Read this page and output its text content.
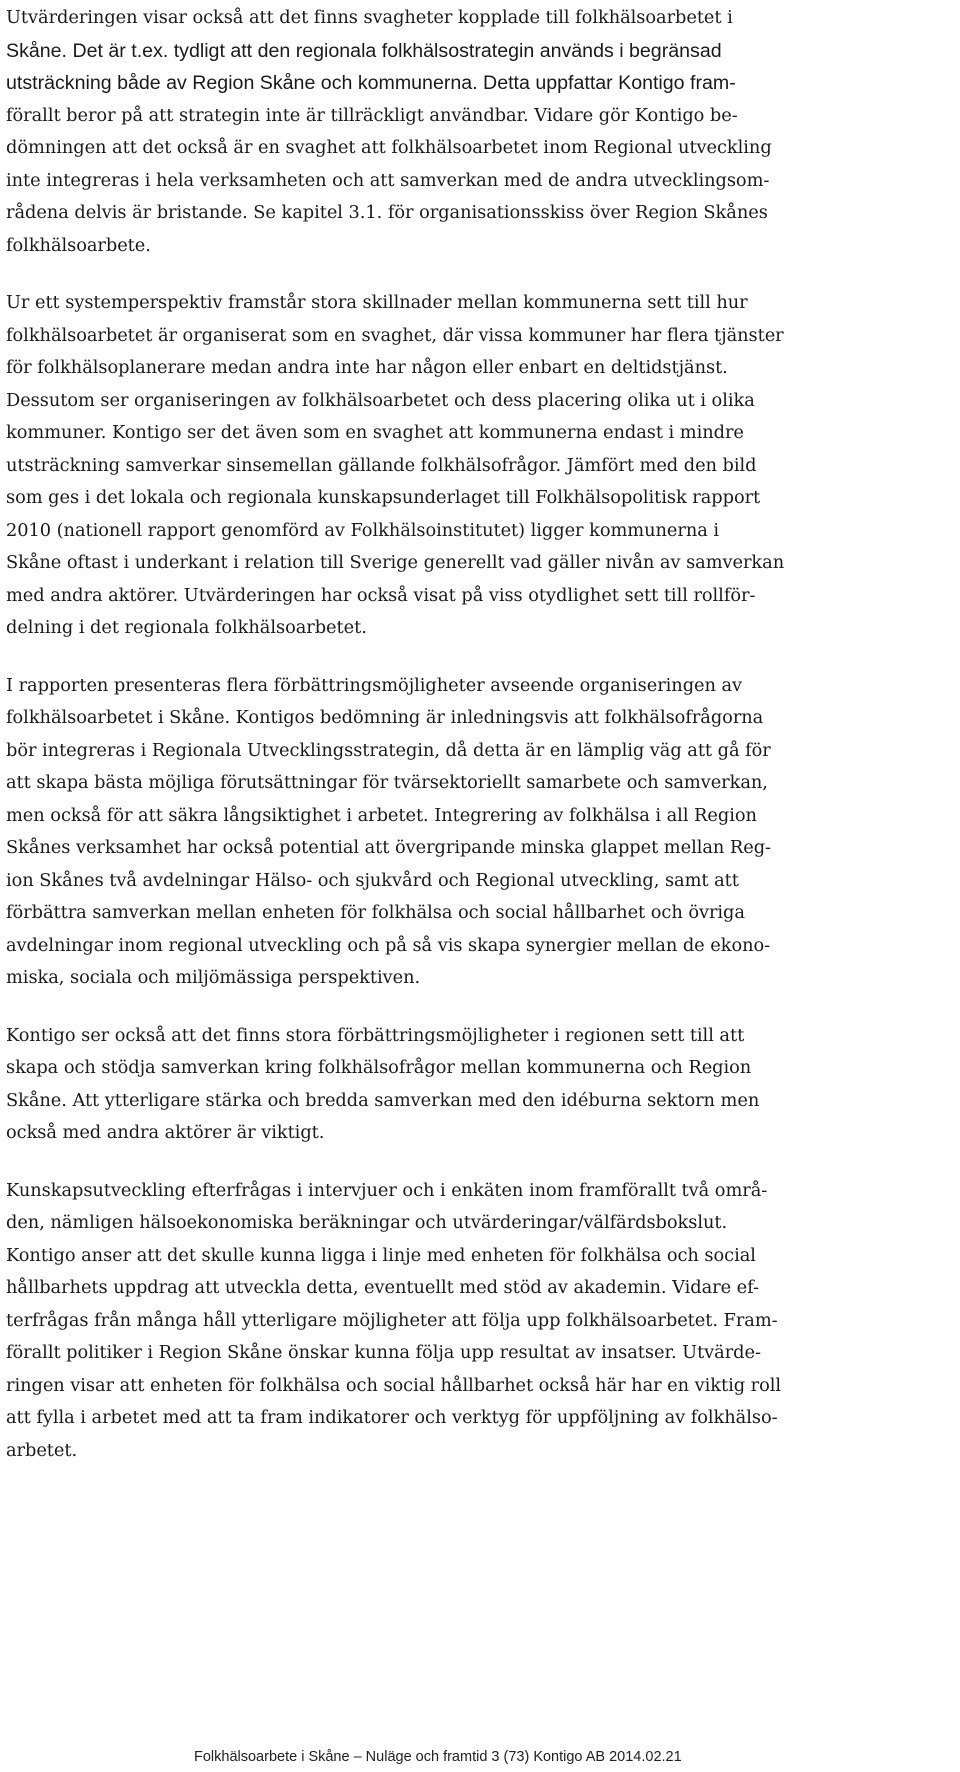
Utvärderingen visar också att det finns svagheter kopplade till folkhälsoarbetet i
Skåne. Det är t.ex. tydligt att den regionala folkhälsostrategin används i begränsad
utsträckning både av Region Skåne och kommunerna. Detta uppfattar Kontigo fram-
förallt beror på att strategin inte är tillräckligt användbar. Vidare gör Kontigo be-
dömningen att det också är en svaghet att folkhälsoarbetet inom Regional utveckling
inte integreras i hela verksamheten och att samverkan med de andra utvecklingsom-
rådena delvis är bristande. Se kapitel 3.1. för organisationsskiss över Region Skånes
folkhälsoarbete.

Ur ett systemperspektiv framstår stora skillnader mellan kommunerna sett till hur
folkhälsoarbetet är organiserat som en svaghet, där vissa kommuner har flera tjänster
för folkhälsoplanerare medan andra inte har någon eller enbart en deltidstjänst.
Dessutom ser organiseringen av folkhälsoarbetet och dess placering olika ut i olika
kommuner. Kontigo ser det även som en svaghet att kommunerna endast i mindre
utsträckning samverkar sinsemellan gällande folkhälsofrågor. Jämfört med den bild
som ges i det lokala och regionala kunskapsunderlaget till Folkhälsopolitisk rapport
2010 (nationell rapport genomförd av Folkhälsoinstitutet) ligger kommunerna i
Skåne oftast i underkant i relation till Sverige generellt vad gäller nivån av samverkan
med andra aktörer. Utvärderingen har också visat på viss otydlighet sett till rollför-
delning i det regionala folkhälsoarbetet.

I rapporten presenteras flera förbättringsmöjligheter avseende organiseringen av
folkhälsoarbetet i Skåne. Kontigos bedömning är inledningsvis att folkhälsofrågorna
bör integreras i Regionala Utvecklingsstrategin, då detta är en lämplig väg att gå för
att skapa bästa möjliga förutsättningar för tvärsektoriellt samarbete och samverkan,
men också för att säkra långsiktighet i arbetet. Integrering av folkhälsa i all Region
Skånes verksamhet har också potential att övergripande minska glappet mellan Reg-
ion Skånes två avdelningar Hälso- och sjukvård och Regional utveckling, samt att
förbättra samverkan mellan enheten för folkhälsa och social hållbarhet och övriga
avdelningar inom regional utveckling och på så vis skapa synergier mellan de ekono-
miska, sociala och miljömässiga perspektiven.

Kontigo ser också att det finns stora förbättringsmöjligheter i regionen sett till att
skapa och stödja samverkan kring folkhälsofrågor mellan kommunerna och Region
Skåne. Att ytterligare stärka och bredda samverkan med den idéburna sektorn men
också med andra aktörer är viktigt.

Kunskapsutveckling efterfrågas i intervjuer och i enkäten inom framförallt två områ-
den, nämligen hälsoekonomiska beräkningar och utvärderingar/välfärdsbokslut.
Kontigo anser att det skulle kunna ligga i linje med enheten för folkhälsa och social
hållbarhets uppdrag att utveckla detta, eventuellt med stöd av akademin. Vidare ef-
terfrågas från många håll ytterligare möjligheter att följa upp folkhälsoarbetet. Fram-
förallt politiker i Region Skåne önskar kunna följa upp resultat av insatser. Utvärde-
ringen visar att enheten för folkhälsa och social hållbarhet också här har en viktig roll
att fylla i arbetet med att ta fram indikatorer och verktyg för uppföljning av folkhälso-
arbetet.

Folkhälsoarbete i Skåne – Nuläge och framtid 3 (73) Kontigo AB 2014.02.21
